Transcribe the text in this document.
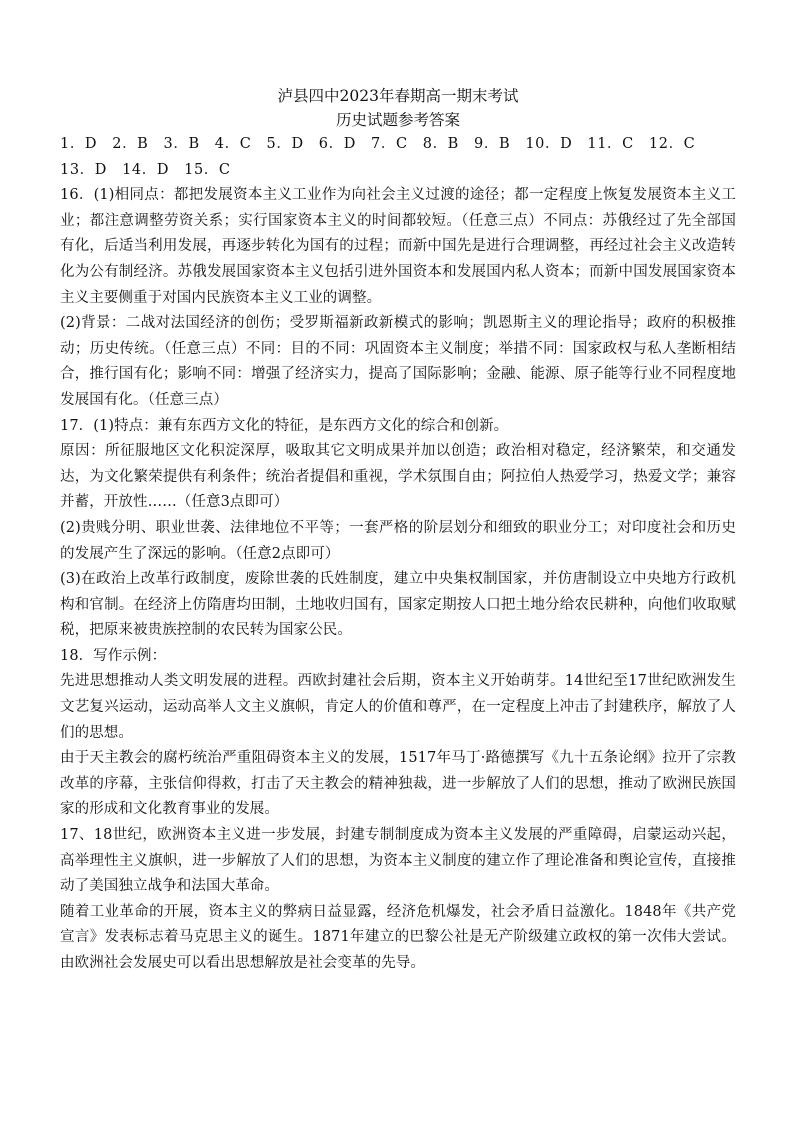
泸县四中2023年春期高一期末考试

历史试题参考答案

1．D　2．B　3．B　4．C　5．D　6．D　7．C　8．B　9．B　10．D　11．C　12．C

13．D　14．D　15．C

16．(1)相同点：都把发展资本主义工业作为向社会主义过渡的途径；都一定程度上恢复发展资本主义工业；都注意调整劳资关系；实行国家资本主义的时间都较短。（任意三点）不同点：苏俄经过了先全部国有化，后适当利用发展，再逐步转化为国有的过程；而新中国先是进行合理调整，再经过社会主义改造转化为公有制经济。苏俄发展国家资本主义包括引进外国资本和发展国内私人资本；而新中国发展国家资本主义主要侧重于对国内民族资本主义工业的调整。

(2)背景：二战对法国经济的创伤；受罗斯福新政新模式的影响；凯恩斯主义的理论指导；政府的积极推动；历史传统。（任意三点）不同：目的不同：巩固资本主义制度；举措不同：国家政权与私人垄断相结合，推行国有化；影响不同：增强了经济实力，提高了国际影响；金融、能源、原子能等行业不同程度地发展国有化。（任意三点）

17．(1)特点：兼有东西方文化的特征，是东西方文化的综合和创新。

原因：所征服地区文化积淀深厚，吸取其它文明成果并加以创造；政治相对稳定，经济繁荣，和交通发达，为文化繁荣提供有利条件；统治者提倡和重视，学术氛围自由；阿拉伯人热爱学习，热爱文学；兼容并蓄，开放性……（任意3点即可）

(2)贵贱分明、职业世袭、法律地位不平等；一套严格的阶层划分和细致的职业分工；对印度社会和历史的发展产生了深远的影响。（任意2点即可）

(3)在政治上改革行政制度，废除世袭的氏姓制度，建立中央集权制国家，并仿唐制设立中央地方行政机构和官制。在经济上仿隋唐均田制，土地收归国有，国家定期按人口把土地分给农民耕种，向他们收取赋税，把原来被贵族控制的农民转为国家公民。

18．写作示例：

先进思想推动人类文明发展的进程。西欧封建社会后期，资本主义开始萌芽。14世纪至17世纪欧洲发生文艺复兴运动，运动高举人文主义旗帜，肯定人的价值和尊严，在一定程度上冲击了封建秩序，解放了人们的思想。

由于天主教会的腐朽统治严重阻碍资本主义的发展，1517年马丁·路德撰写《九十五条论纲》拉开了宗教改革的序幕，主张信仰得救，打击了天主教会的精神独裁，进一步解放了人们的思想，推动了欧洲民族国家的形成和文化教育事业的发展。

17、18世纪，欧洲资本主义进一步发展，封建专制制度成为资本主义发展的严重障碍，启蒙运动兴起，高举理性主义旗帜，进一步解放了人们的思想，为资本主义制度的建立作了理论准备和舆论宣传，直接推动了美国独立战争和法国大革命。

随着工业革命的开展，资本主义的弊病日益显露，经济危机爆发，社会矛盾日益激化。1848年《共产党宣言》发表标志着马克思主义的诞生。1871年建立的巴黎公社是无产阶级建立政权的第一次伟大尝试。由欧洲社会发展史可以看出思想解放是社会变革的先导。
